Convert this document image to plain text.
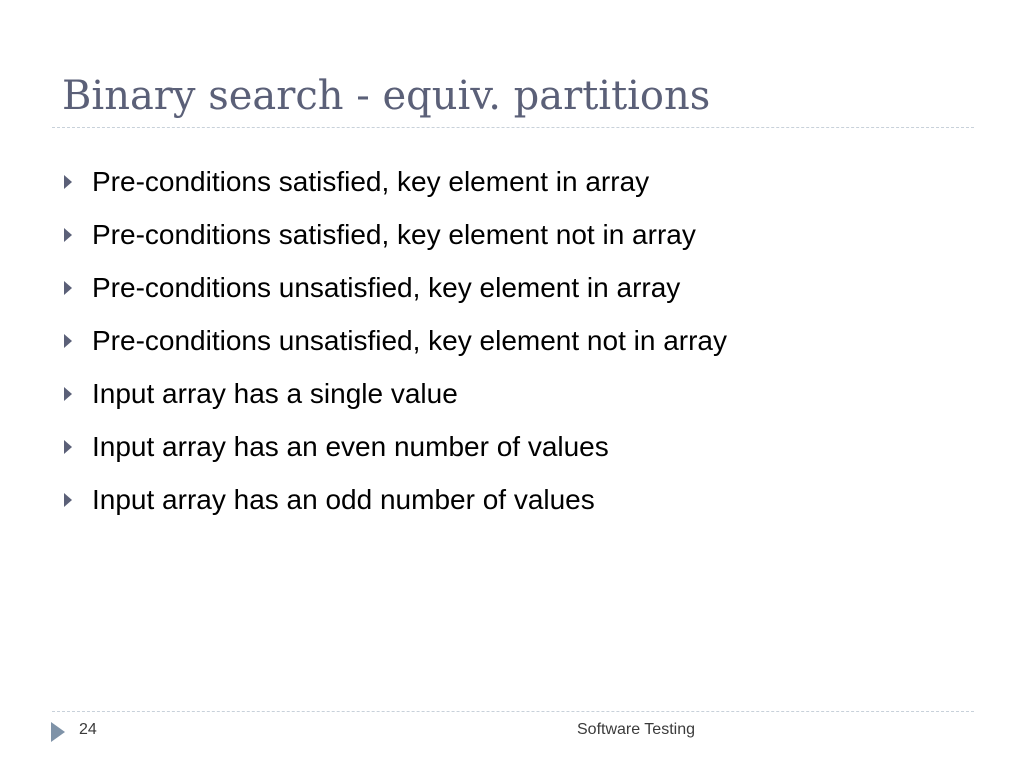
Binary search - equiv. partitions
Pre-conditions satisfied, key element in array
Pre-conditions satisfied, key element not in array
Pre-conditions unsatisfied, key element in array
Pre-conditions unsatisfied, key element not in array
Input array has a single value
Input array has an even number of values
Input array has an odd number of values
24	Software Testing
